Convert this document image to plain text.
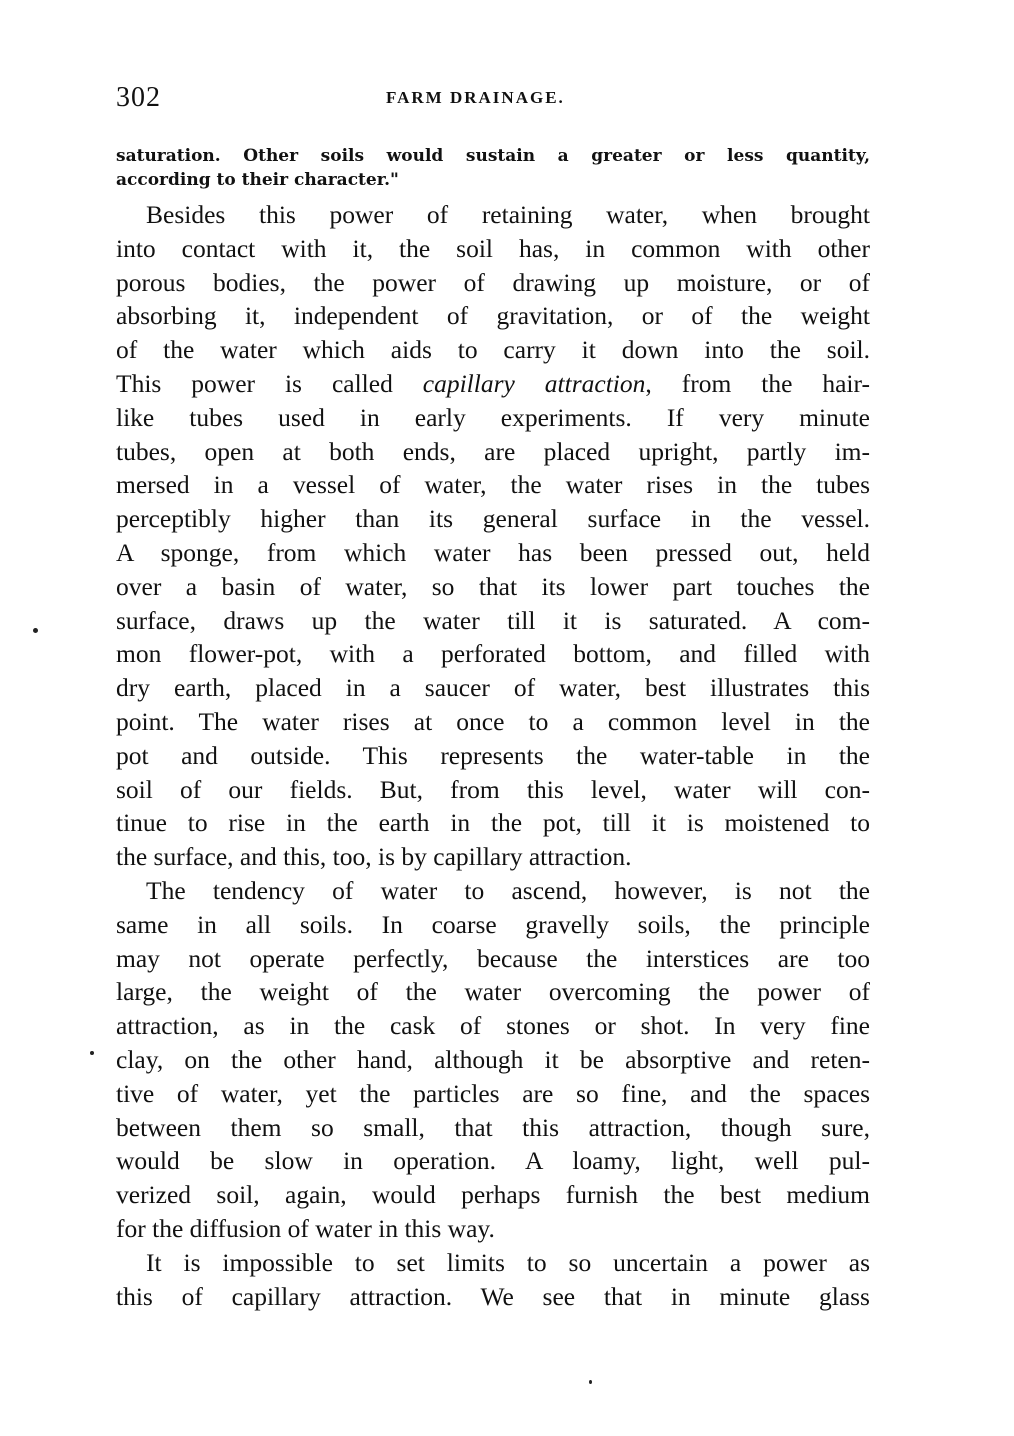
302	FARM DRAINAGE.
saturation. Other soils would sustain a greater or less quantity,
according to their character."
Besides this power of retaining water, when brought
into contact with it, the soil has, in common with other
porous bodies, the power of drawing up moisture, or of
absorbing it, independent of gravitation, or of the weight
of the water which aids to carry it down into the soil.
This power is called capillary attraction, from the hair-
like tubes used in early experiments. If very minute
tubes, open at both ends, are placed upright, partly im-
mersed in a vessel of water, the water rises in the tubes
perceptibly higher than its general surface in the vessel.
A sponge, from which water has been pressed out, held
over a basin of water, so that its lower part touches the
surface, draws up the water till it is saturated. A com-
mon flower-pot, with a perforated bottom, and filled with
dry earth, placed in a saucer of water, best illustrates this
point. The water rises at once to a common level in the
pot and outside. This represents the water-table in the
soil of our fields. But, from this level, water will con-
tinue to rise in the earth in the pot, till it is moistened to
the surface, and this, too, is by capillary attraction.
The tendency of water to ascend, however, is not the
same in all soils. In coarse gravelly soils, the principle
may not operate perfectly, because the interstices are too
large, the weight of the water overcoming the power of
attraction, as in the cask of stones or shot. In very fine
clay, on the other hand, although it be absorptive and reten-
tive of water, yet the particles are so fine, and the spaces
between them so small, that this attraction, though sure,
would be slow in operation. A loamy, light, well pul-
verized soil, again, would perhaps furnish the best medium
for the diffusion of water in this way.
It is impossible to set limits to so uncertain a power as
this of capillary attraction. We see that in minute glass
